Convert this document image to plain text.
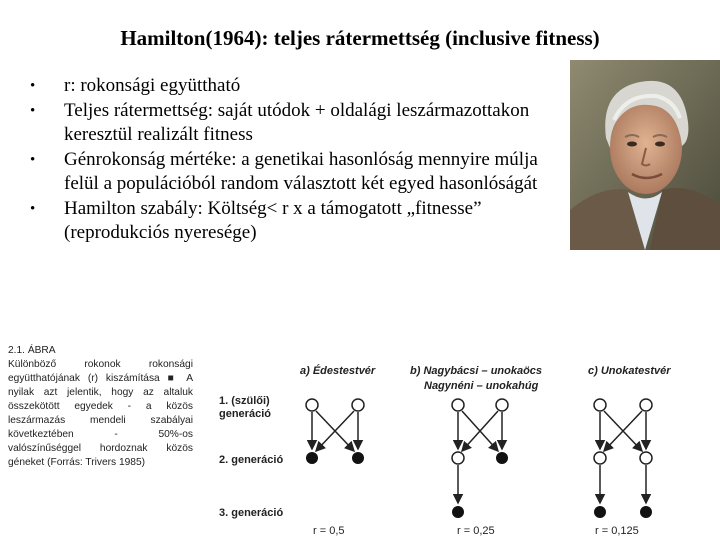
Hamilton(1964): teljes rátermettség (inclusive fitness)
• r: rokonsági együttható
• Teljes rátermettség: saját utódok + oldalági leszármazottakon keresztül realizált fitness
• Génrokonság mértéke: a genetikai hasonlóság mennyire múlja felül a populációból random választott két egyed hasonlóságát
• Hamilton szabály: Költség< r x a támogatott „fitnesse” (reprodukciós nyeresége)
2.1. ÁBRA
Különböző rokonok rokonsági együtthatójának (r) kiszámítása ■ A nyilak azt jelentik, hogy az altaluk összekötött egyedek - a közös leszármazás mendeli szabályai következtében - 50%-os valószínűséggel hordoznak közös géneket (Forrás: Trivers 1985)
a) Édestestvér	b) Nagybácsi – unokaöcs
Nagynéni – unokahúg
c) Unokatestvér
1. (szülői) generáció
2. generáció
3. generáció
r = 0,5	r = 0,25	r = 0,125
